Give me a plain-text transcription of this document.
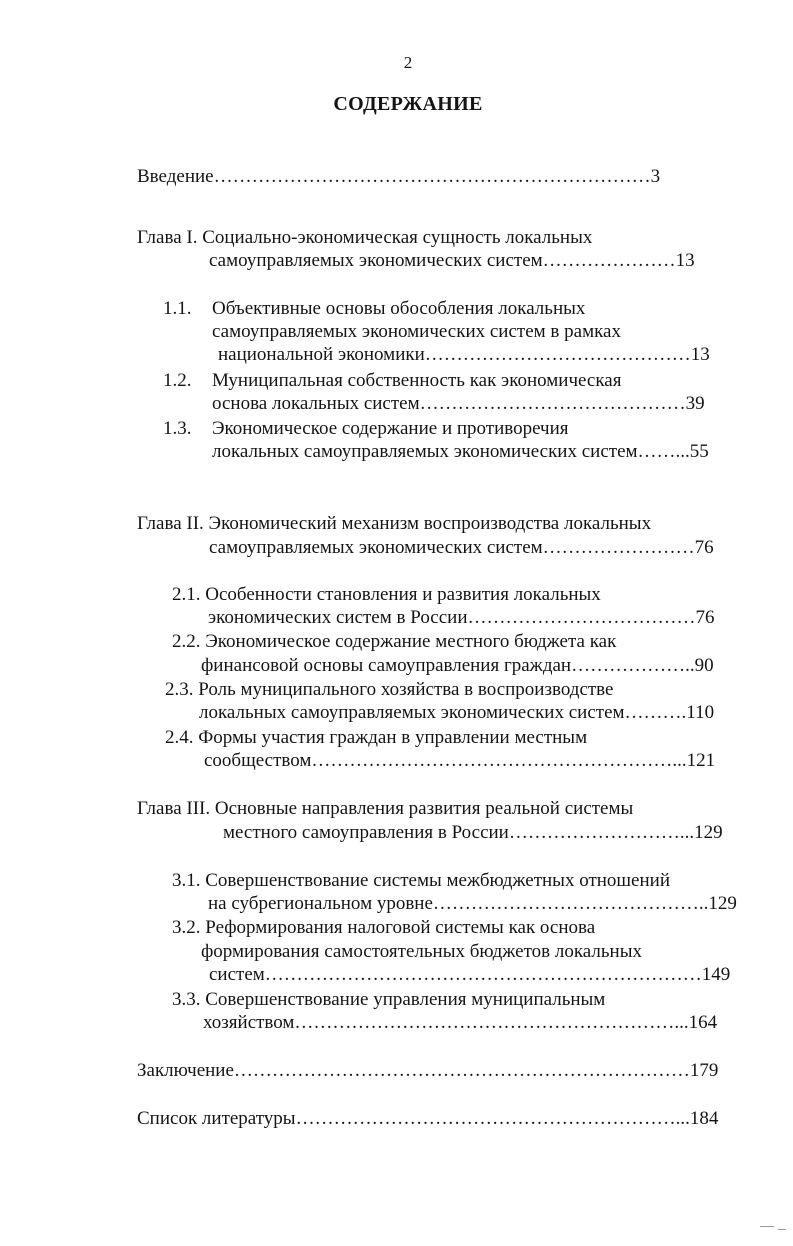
2
СОДЕРЖАНИЕ
Введение……………………………………………………………3
Глава I. Социально-экономическая сущность локальных
самоуправляемых экономических систем…………………13
1.1. Объективные основы обособления локальных
самоуправляемых экономических систем в рамках
национальной экономики……………………………………13
1.2. Муниципальная собственность как экономическая
основа локальных систем……………………………………39
1.3. Экономическое содержание и противоречия
локальных самоуправляемых экономических систем……...55
Глава II. Экономический механизм воспроизводства локальных
самоуправляемых экономических систем……………………76
2.1. Особенности становления и развития локальных
экономических систем в России………………………………76
2.2. Экономическое содержание местного бюджета как
финансовой основы самоуправления граждан………………..90
2.3. Роль муниципального хозяйства в воспроизводстве
локальных самоуправляемых экономических систем……….110
2.4. Формы участия граждан в управлении местным
сообществом…………………………………………………...121
Глава III. Основные направления развития реальной системы
местного самоуправления в России………………………...129
3.1. Совершенствование системы межбюджетных отношений
на субрегиональном уровне……………………………………..129
3.2. Реформирования налоговой системы как основа
формирования самостоятельных бюджетов локальных
систем……………………………………………………………149
3.3. Совершенствование управления муниципальным
хозяйством……………………………………………………...164
Заключение………………………………………………………………179
Список литературы……………………………………………………...184
